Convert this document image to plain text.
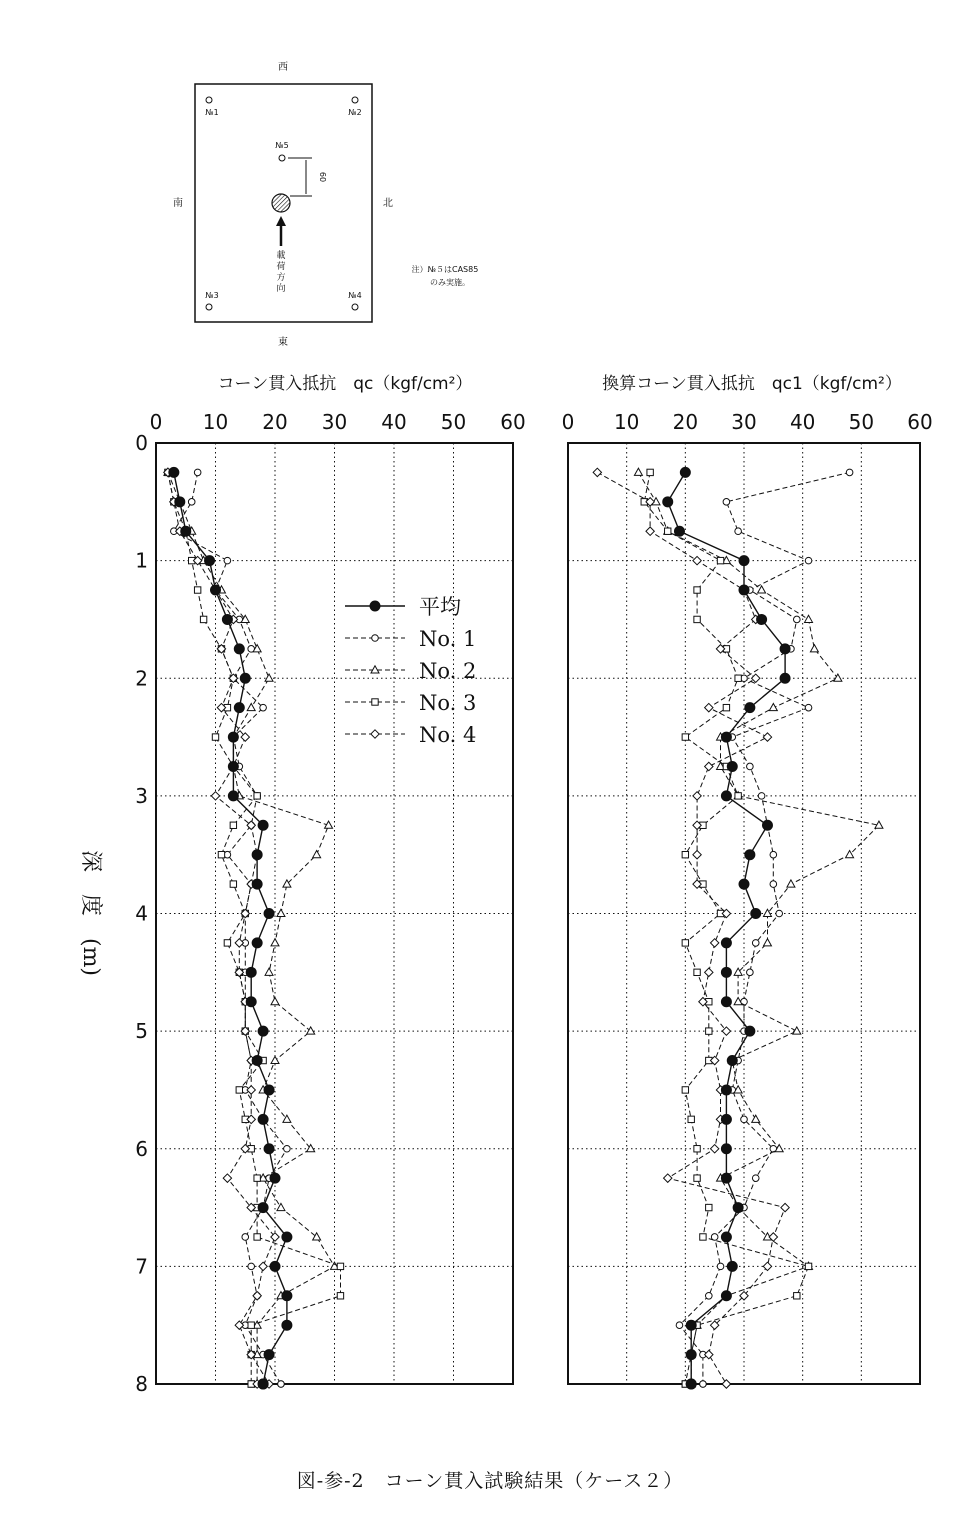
西
南	北
東
№1	№2
№3	№4
№5
60
載荷方向
注）№５はCAS85
のみ実施。
コーン貫入抵抗　qc（kgf/cm²）
0 10 20 30 40 50 60
0
1
2
3
4
5
6
7
8
深　度　(m)
換算コーン貫入抵抗　qc1（kgf/cm²）
0 10 20 30 40 50 60
平均
No. 1
No. 2
No. 3
No. 4
図-参-2　コーン貫入試験結果（ケース２）
